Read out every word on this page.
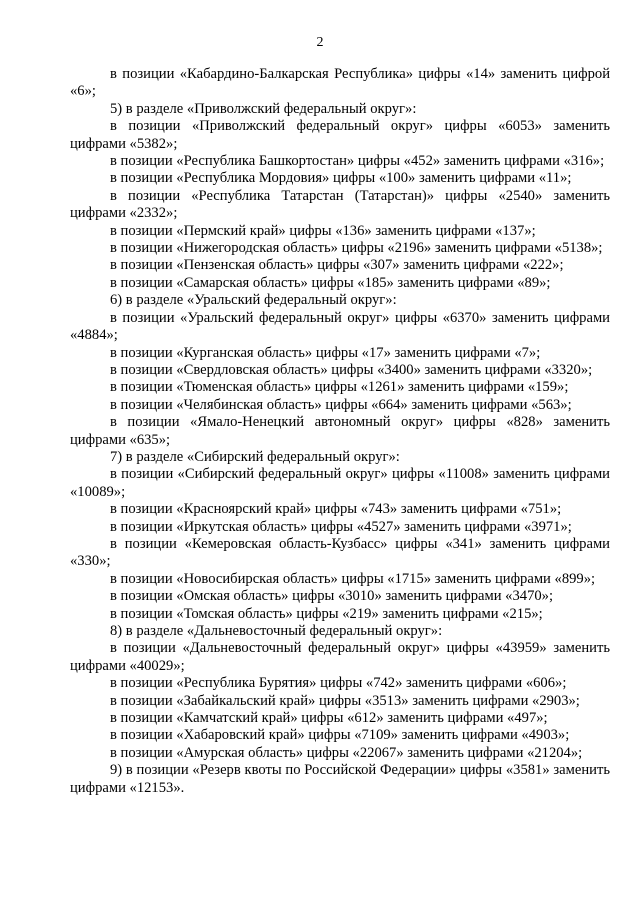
2

в позиции «Кабардино-Балкарская Республика» цифры «14» заменить цифрой «6»;

5) в разделе «Приволжский федеральный округ»:

в позиции «Приволжский федеральный округ» цифры «6053» заменить цифрами «5382»;

в позиции «Республика Башкортостан» цифры «452» заменить цифрами «316»;

в позиции «Республика Мордовия» цифры «100» заменить цифрами «11»;

в позиции «Республика Татарстан (Татарстан)» цифры «2540» заменить цифрами «2332»;

в позиции «Пермский край» цифры «136» заменить цифрами «137»;

в позиции «Нижегородская область» цифры «2196» заменить цифрами «5138»;

в позиции «Пензенская область» цифры «307» заменить цифрами «222»;

в позиции «Самарская область» цифры «185» заменить цифрами «89»;

6) в разделе «Уральский федеральный округ»:

в позиции «Уральский федеральный округ» цифры «6370» заменить цифрами «4884»;

в позиции «Курганская область» цифры «17» заменить цифрами «7»;

в позиции «Свердловская область» цифры «3400» заменить цифрами «3320»;

в позиции «Тюменская область» цифры «1261» заменить цифрами «159»;

в позиции «Челябинская область» цифры «664» заменить цифрами «563»;

в позиции «Ямало-Ненецкий автономный округ» цифры «828» заменить цифрами «635»;

7) в разделе «Сибирский федеральный округ»:

в позиции «Сибирский федеральный округ» цифры «11008» заменить цифрами «10089»;

в позиции «Красноярский край» цифры «743» заменить цифрами «751»;

в позиции «Иркутская область» цифры «4527» заменить цифрами «3971»;

в позиции «Кемеровская область-Кузбасс» цифры «341» заменить цифрами «330»;

в позиции «Новосибирская область» цифры «1715» заменить цифрами «899»;

в позиции «Омская область» цифры «3010» заменить цифрами «3470»;

в позиции «Томская область» цифры «219» заменить цифрами «215»;

8) в разделе «Дальневосточный федеральный округ»:

в позиции «Дальневосточный федеральный округ» цифры «43959» заменить цифрами «40029»;

в позиции «Республика Бурятия» цифры «742» заменить цифрами «606»;

в позиции «Забайкальский край» цифры «3513» заменить цифрами «2903»;

в позиции «Камчатский край» цифры «612» заменить цифрами «497»;

в позиции «Хабаровский край» цифры «7109» заменить цифрами «4903»;

в позиции «Амурская область» цифры «22067» заменить цифрами «21204»;

9) в позиции «Резерв квоты по Российской Федерации» цифры «3581» заменить цифрами «12153».
